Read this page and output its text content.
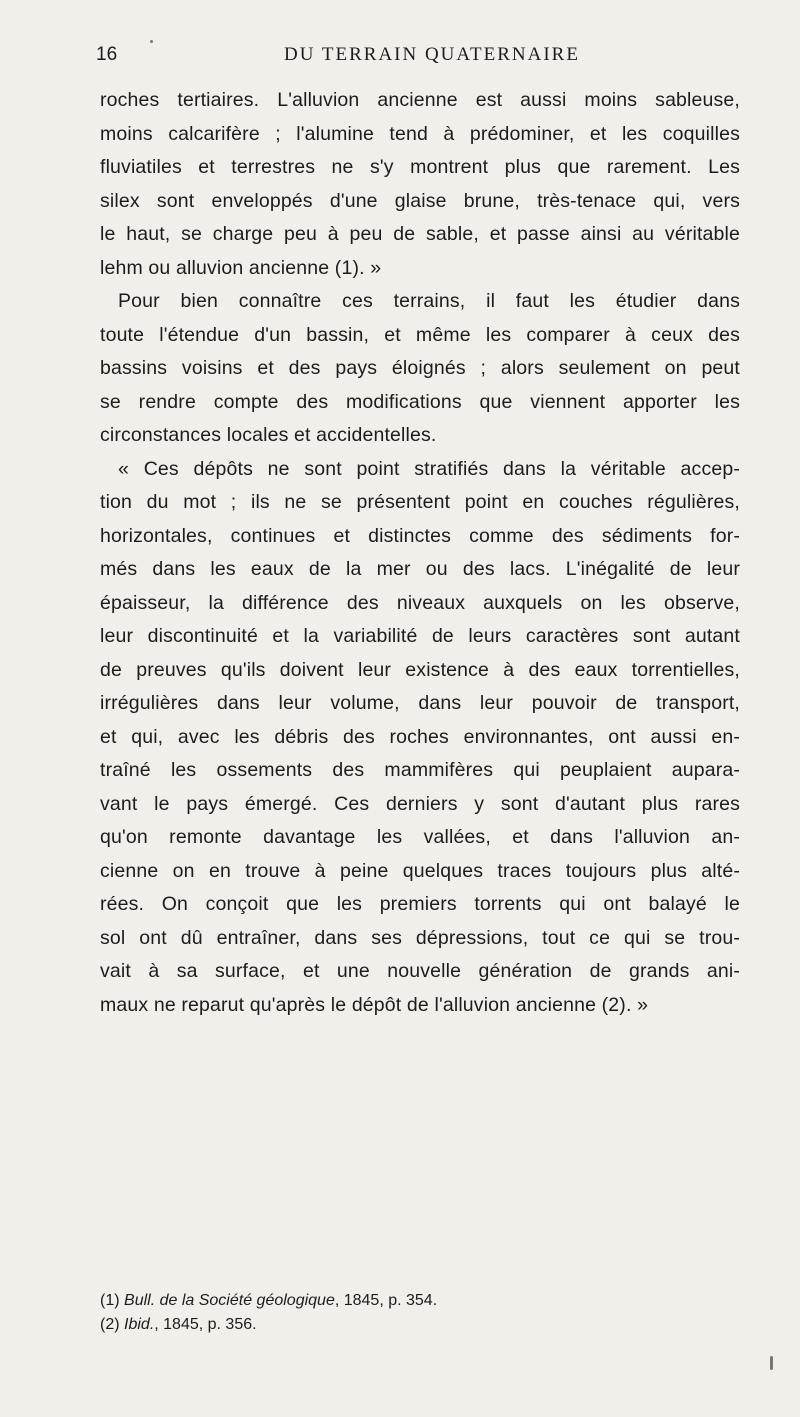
16	DU TERRAIN QUATERNAIRE
roches tertiaires. L'alluvion ancienne est aussi moins sableuse,
moins calcarifère ; l'alumine tend à prédominer, et les coquilles
fluviatiles et terrestres ne s'y montrent plus que rarement. Les
silex sont enveloppés d'une glaise brune, très-tenace qui, vers
le haut, se charge peu à peu de sable, et passe ainsi au véritable
lehm ou alluvion ancienne (1). »
Pour bien connaître ces terrains, il faut les étudier dans
toute l'étendue d'un bassin, et même les comparer à ceux des
bassins voisins et des pays éloignés ; alors seulement on peut
se rendre compte des modifications que viennent apporter les
circonstances locales et accidentelles.
« Ces dépôts ne sont point stratifiés dans la véritable accep-
tion du mot ; ils ne se présentent point en couches régulières,
horizontales, continues et distinctes comme des sédiments for-
més dans les eaux de la mer ou des lacs. L'inégalité de leur
épaisseur, la différence des niveaux auxquels on les observe,
leur discontinuité et la variabilité de leurs caractères sont autant
de preuves qu'ils doivent leur existence à des eaux torrentielles,
irrégulières dans leur volume, dans leur pouvoir de transport,
et qui, avec les débris des roches environnantes, ont aussi en-
traîné les ossements des mammifères qui peuplaient aupara-
vant le pays émergé. Ces derniers y sont d'autant plus rares
qu'on remonte davantage les vallées, et dans l'alluvion an-
cienne on en trouve à peine quelques traces toujours plus alté-
rées. On conçoit que les premiers torrents qui ont balayé le
sol ont dû entraîner, dans ses dépressions, tout ce qui se trou-
vait à sa surface, et une nouvelle génération de grands ani-
maux ne reparut qu'après le dépôt de l'alluvion ancienne (2). »
(1) Bull. de la Société géologique, 1845, p. 354.
(2) Ibid., 1845, p. 356.
